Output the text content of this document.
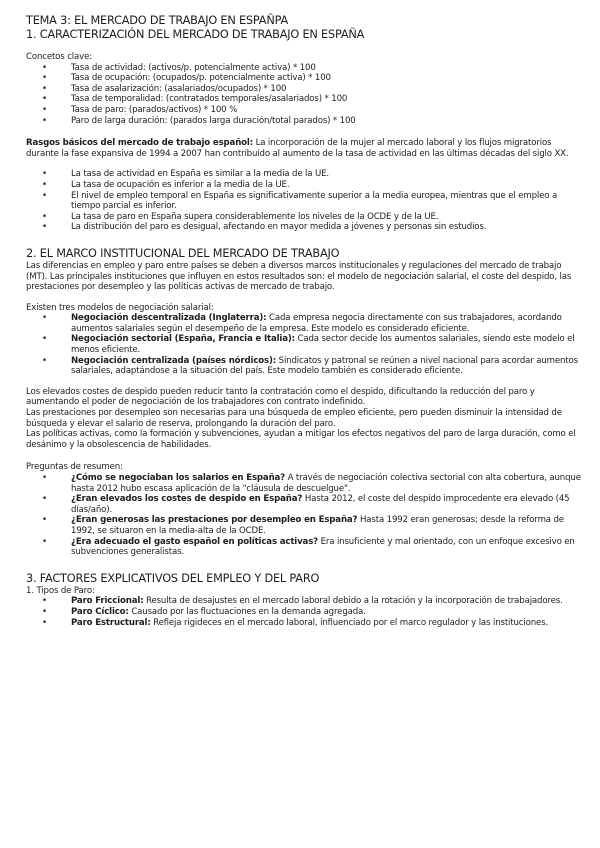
TEMA 3: EL MERCADO DE TRABAJO EN ESPAÑPA
1. CARACTERIZACIÓN DEL MERCADO DE TRABAJO EN ESPAÑA
Concetos clave:
•	Tasa de actividad: (activos/p. potencialmente activa) * 100
•	Tasa de ocupación: (ocupados/p. potencialmente activa) * 100
•	Tasa de asalarización: (asalariados/ocupados) * 100
•	Tasa de temporalidad: (contratados temporales/asalariados) * 100
•	Tasa de paro: (parados/activos) * 100 %
•	Paro de larga duración: (parados larga duración/total parados) * 100
Rasgos básicos del mercado de trabajo español: La incorporación de la mujer al mercado laboral y los flujos migratorios durante la fase expansiva de 1994 a 2007 han contribuido al aumento de la tasa de actividad en las últimas décadas del siglo XX.
•	La tasa de actividad en España es similar a la media de la UE.
•	La tasa de ocupación es inferior a la media de la UE.
•	El nivel de empleo temporal en España es significativamente superior a la media europea, mientras que el empleo a tiempo parcial es inferior.
•	La tasa de paro en España supera considerablemente los niveles de la OCDE y de la UE.
•	La distribución del paro es desigual, afectando en mayor medida a jóvenes y personas sin estudios.
2. EL MARCO INSTITUCIONAL DEL MERCADO DE TRABAJO
Las diferencias en empleo y paro entre países se deben a diversos marcos institucionales y regulaciones del mercado de trabajo (MT). Las principales instituciones que influyen en estos resultados son: el modelo de negociación salarial, el coste del despido, las prestaciones por desempleo y las políticas activas de mercado de trabajo.
Existen tres modelos de negociación salarial:
•	Negociación descentralizada (Inglaterra): Cada empresa negocia directamente con sus trabajadores, acordando aumentos salariales según el desempeño de la empresa. Este modelo es considerado eficiente.
•	Negociación sectorial (España, Francia e Italia): Cada sector decide los aumentos salariales, siendo este modelo el menos eficiente.
•	Negociación centralizada (países nórdicos): Sindicatos y patronal se reúnen a nivel nacional para acordar aumentos salariales, adaptándose a la situación del país. Este modelo también es considerado eficiente.
Los elevados costes de despido pueden reducir tanto la contratación como el despido, dificultando la reducción del paro y aumentando el poder de negociación de los trabajadores con contrato indefinido.
Las prestaciones por desempleo son necesarias para una búsqueda de empleo eficiente, pero pueden disminuir la intensidad de búsqueda y elevar el salario de reserva, prolongando la duración del paro.
Las políticas activas, como la formación y subvenciones, ayudan a mitigar los efectos negativos del paro de larga duración, como el desánimo y la obsolescencia de habilidades.
Preguntas de resumen:
•	¿Cómo se negociaban los salarios en España? A través de negociación colectiva sectorial con alta cobertura, aunque hasta 2012 hubo escasa aplicación de la "cláusula de descuelgue".
•	¿Eran elevados los costes de despido en España? Hasta 2012, el coste del despido improcedente era elevado (45 días/año).
•	¿Eran generosas las prestaciones por desempleo en España? Hasta 1992 eran generosas; desde la reforma de 1992, se situaron en la media-alta de la OCDE.
•	¿Era adecuado el gasto español en políticas activas? Era insuficiente y mal orientado, con un enfoque excesivo en subvenciones generalistas.
3. FACTORES EXPLICATIVOS DEL EMPLEO Y DEL PARO
1. Tipos de Paro:
•	Paro Friccional: Resulta de desajustes en el mercado laboral debido a la rotación y la incorporación de trabajadores.
•	Paro Cíclico: Causado por las fluctuaciones en la demanda agregada.
•	Paro Estructural: Refleja rigideces en el mercado laboral, influenciado por el marco regulador y las instituciones.
